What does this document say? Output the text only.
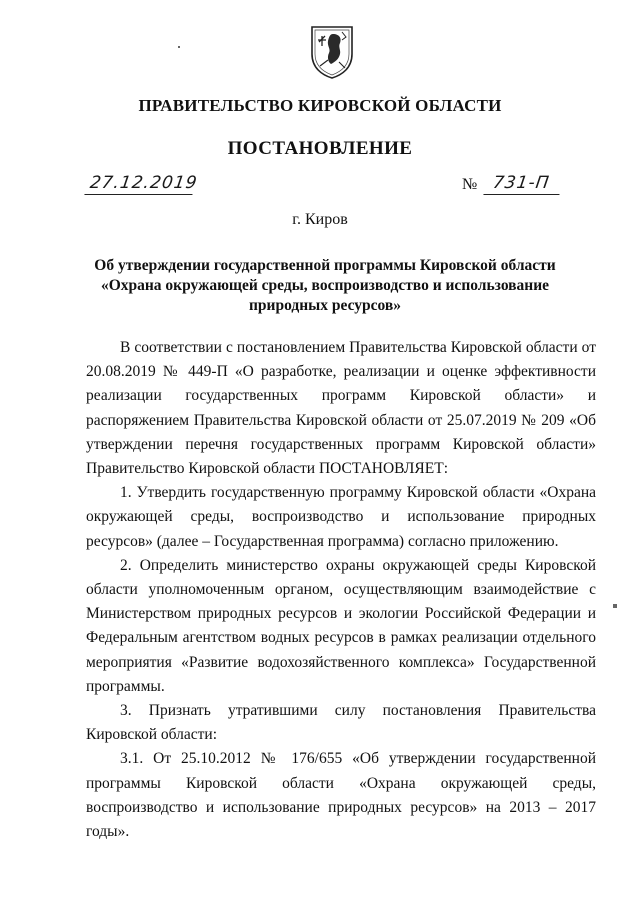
ПРАВИТЕЛЬСТВО КИРОВСКОЙ ОБЛАСТИ
ПОСТАНОВЛЕНИЕ
27.12.2019	№ 731-П
г. Киров
Об утверждении государственной программы Кировской области
«Охрана окружающей среды, воспроизводство и использование
природных ресурсов»

В соответствии с постановлением Правительства Кировской области от 20.08.2019 № 449-П «О разработке, реализации и оценке эффективности реализации государственных программ Кировской области» и распоряжением Правительства Кировской области от 25.07.2019 № 209 «Об утверждении перечня государственных программ Кировской области» Правительство Кировской области ПОСТАНОВЛЯЕТ:

1. Утвердить государственную программу Кировской области «Охрана окружающей среды, воспроизводство и использование природных ресурсов» (далее – Государственная программа) согласно приложению.

2. Определить министерство охраны окружающей среды Кировской области уполномоченным органом, осуществляющим взаимодействие с Министерством природных ресурсов и экологии Российской Федерации и Федеральным агентством водных ресурсов в рамках реализации отдельного мероприятия «Развитие водохозяйственного комплекса» Государственной программы.

3. Признать утратившими силу постановления Правительства Кировской области:

3.1. От 25.10.2012 № 176/655 «Об утверждении государственной программы Кировской области «Охрана окружающей среды, воспроизводство и использование природных ресурсов» на 2013 – 2017 годы».
